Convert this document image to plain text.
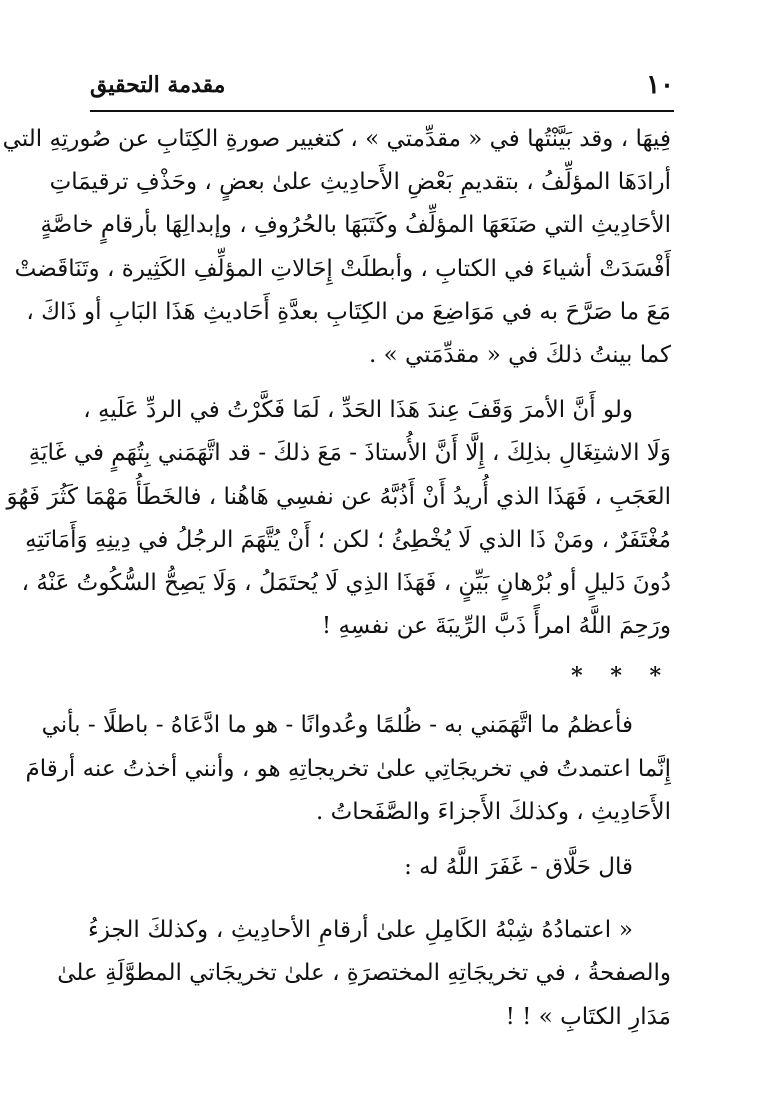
١٠
مقدمة التحقيق
فِيهَا ، وقد بَيَّنْتُها في « مقدِّمتي » ، كتغيير صورةِ الكِتَابِ عن صُورتِهِ التي
أرادَهَا المؤلِّفُ ، بتقديمِ بَعْضِ الأَحادِيثِ علىٰ بعضٍ ، وحَذْفِ ترقيمَاتِ
الأحَادِيثِ التي صَنَعَهَا المؤلِّفُ وكَتَبَهَا بالحُرُوفِ ، وإبدالِهَا بأرقامٍ خاصَّةٍ
أَفْسَدَتْ أشياءَ في الكتابِ ، وأبطلَتْ إِحَالاتِ المؤلِّفِ الكَثِيرة ، وتَنَاقَضتْ
مَعَ ما صَرَّحَ به في مَوَاضِعَ من الكِتَابِ بعدَّةِ أَحَاديثِ هَذَا البَابِ أو ذَاكَ ،
كما بينتُ ذلكَ في « مقدِّمَتي » .
ولو أَنَّ الأمرَ وَقَفَ عِندَ هَذَا الحَدِّ ، لَمَا فَكَّرْتُ في الردِّ عَلَيهِ ،
وَلَا الاشتِغَالِ بذلِكَ ، إِلَّا أَنَّ الأُستاذَ - مَعَ ذلكَ - قد اتَّهَمَني بِتُهَمٍ في غَايَةِ
العَجَبِ ، فَهَذَا الذي أُريدُ أَنْ أَذُبَّهُ عن نفسِي هَاهُنا ، فالخَطَأُ مَهْمَا كَثُرَ فَهُوَ
مُغْتَفَرٌ ، ومَنْ ذَا الذي لَا يُخْطِئُ ؛ لكن ؛ أَنْ يُتَّهَمَ الرجُلُ في دِينِهِ وَأَمَانَتِهِ
دُونَ دَليلٍ أو بُرْهانٍ بَيِّنٍ ، فَهَذَا الذِي لَا يُحتَمَلُ ، وَلَا يَصِحُّ السُّكُوتُ عَنْهُ ،
ورَحِمَ اللَّهُ امرأً ذَبَّ الرِّيبَةَ عن نفسِهِ !
* * *
فأعظمُ ما اتَّهَمَني به - ظُلمًا وعُدوانًا - هو ما ادَّعَاهُ - باطلًا - بأني
إِنَّما اعتمدتُ في تخريجَاتِي علىٰ تخريجاتِهِ هو ، وأنني أخذتُ عنه أرقامَ
الأَحَادِيثِ ، وكذلكَ الأَجزاءَ والصَّفَحاتُ .
قال حَلَّاق - غَفَرَ اللَّهُ له :
« اعتمادُهُ شِبْهُ الكَامِلِ علىٰ أرقامِ الأحادِيثِ ، وكذلكَ الجزءُ
والصفحةُ ، في تخريجَاتِهِ المختصرَةِ ، علىٰ تخريجَاتي المطوَّلَةِ علىٰ
مَدَارِ الكتَابِ » ! !
